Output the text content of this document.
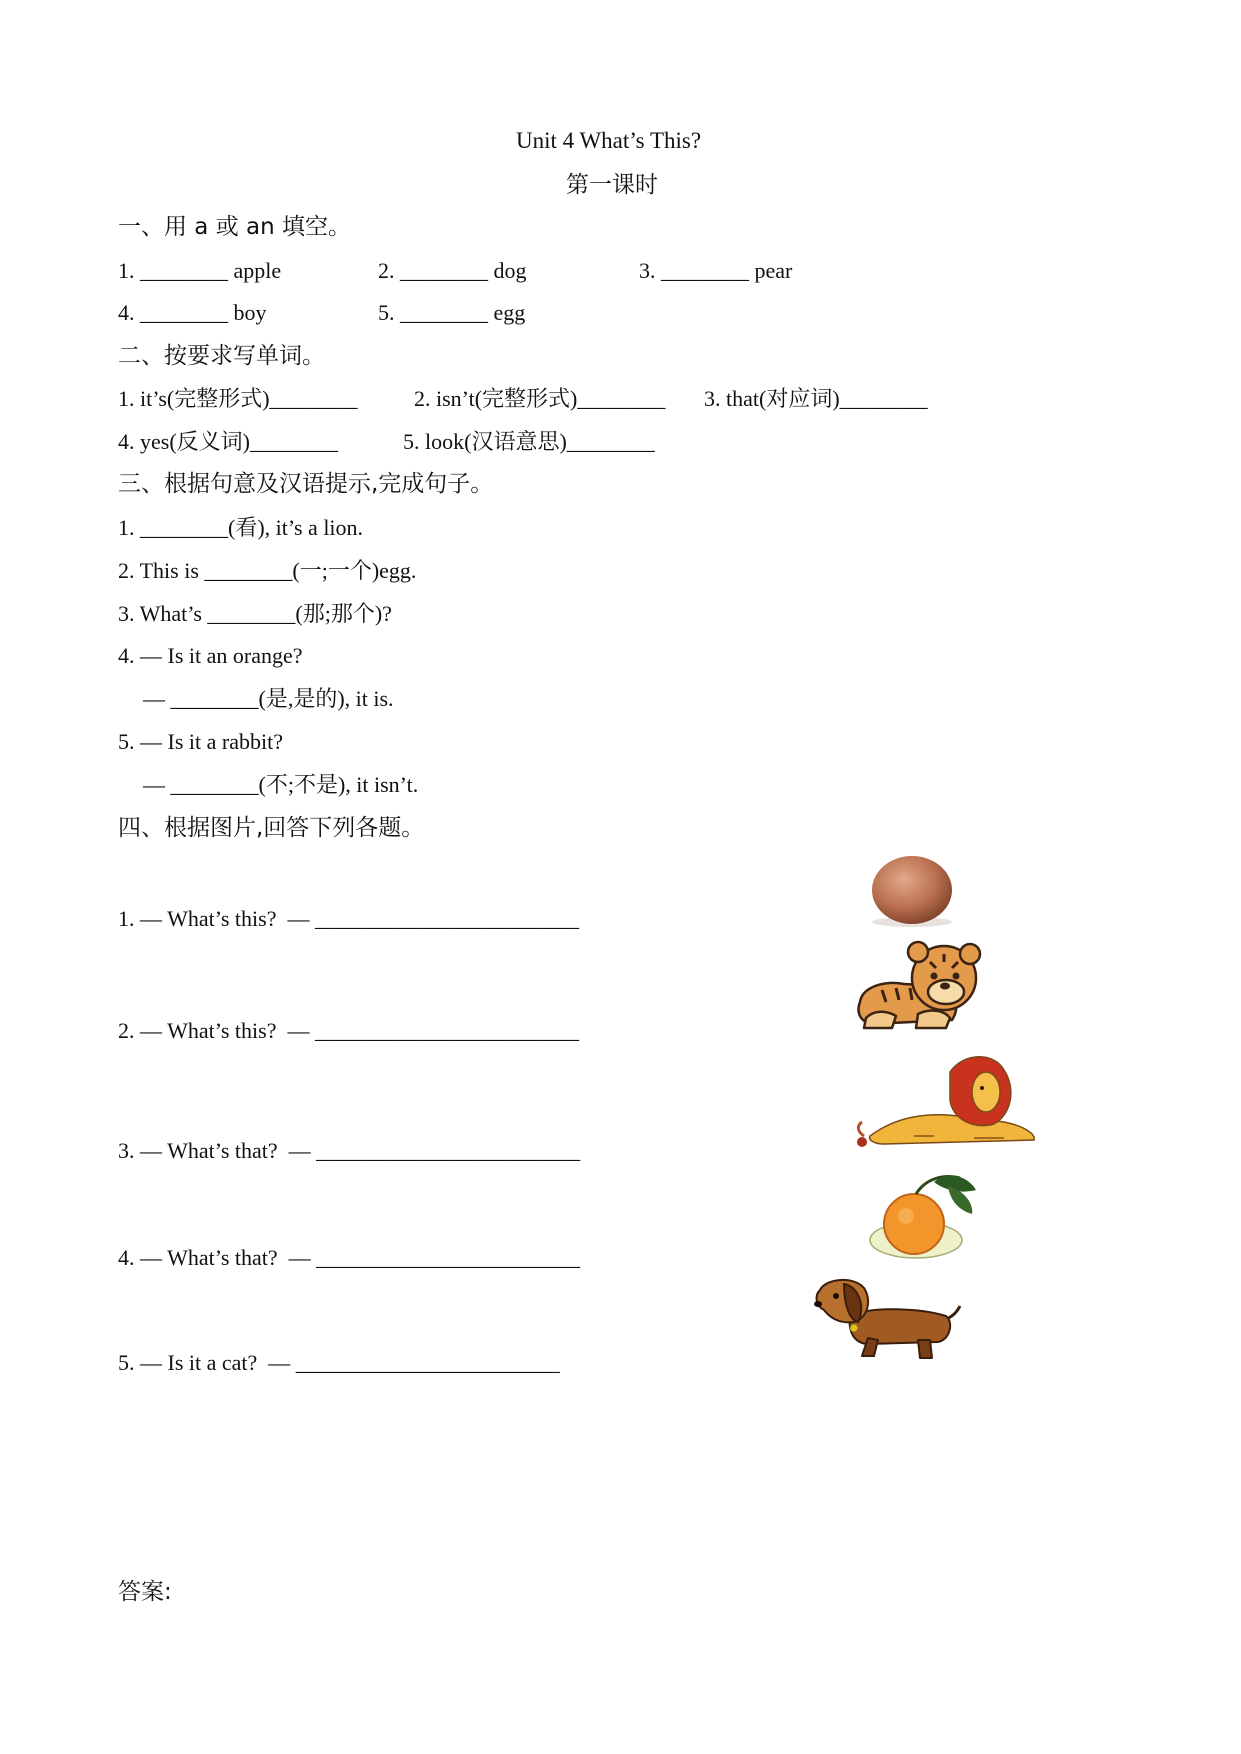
Unit 4 What’s This?
第一课时
一、用 a 或 an 填空。
1. ________ apple	2. ________ dog	3. ________ pear
4. ________ boy	5. ________ egg
二、按要求写单词。
1. it’s(完整形式)________	2. isn’t(完整形式)________ 3. that(对应词)________
4. yes(反义词)________	5. look(汉语意思)________
三、根据句意及汉语提示,完成句子。
1. ________(看), it’s a lion.
2. This is ________(一;一个)egg.
3. What’s ________(那;那个)?
4. — Is it an orange?
— ________(是,是的), it is.
5. — Is it a rabbit?
— ________(不;不是), it isn’t.
四、根据图片,回答下列各题。
1. — What’s this?  — ________________________
2. — What’s this?  — ________________________
3. — What’s that?  — ________________________
4. — What’s that?  — ________________________
5. — Is it a cat?  — ________________________
答案:
